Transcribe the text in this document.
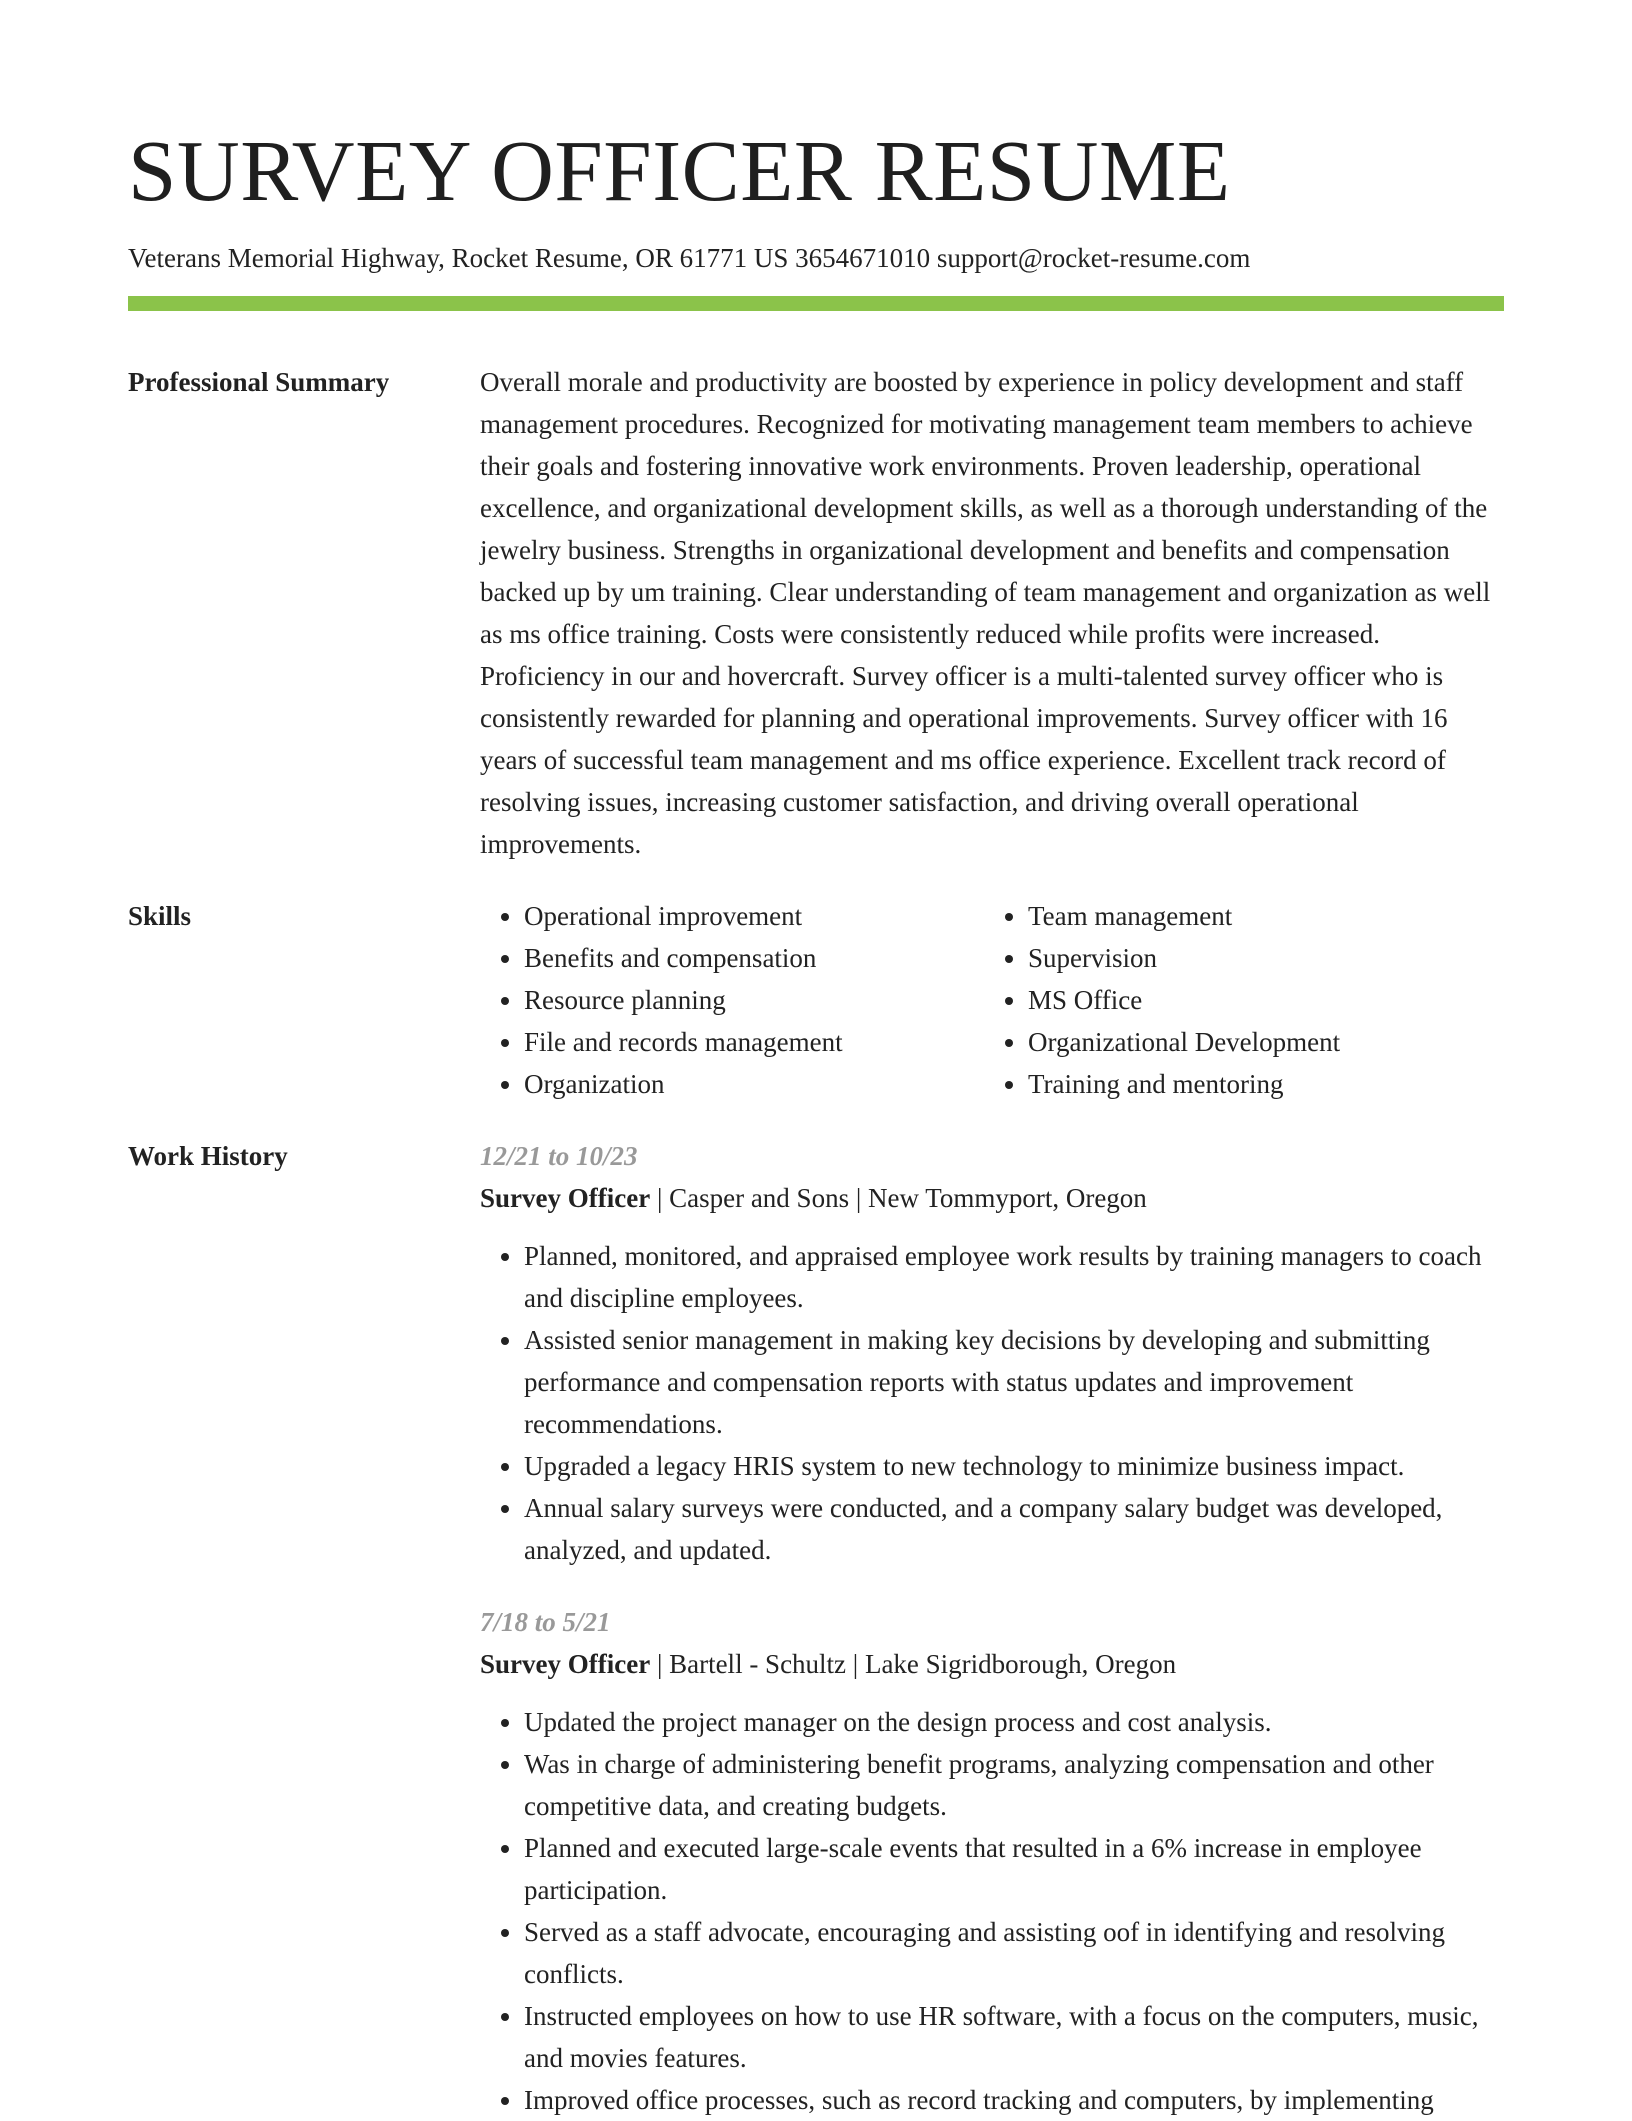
SURVEY OFFICER RESUME
Veterans Memorial Highway, Rocket Resume, OR 61771 US 3654671010 support@rocket-resume.com
Professional Summary	Overall morale and productivity are boosted by experience in policy development and staff management procedures. Recognized for motivating management team members to achieve their goals and fostering innovative work environments. Proven leadership, operational excellence, and organizational development skills, as well as a thorough understanding of the jewelry business. Strengths in organizational development and benefits and compensation backed up by um training. Clear understanding of team management and organization as well as ms office training. Costs were consistently reduced while profits were increased. Proficiency in our and hovercraft. Survey officer is a multi-talented survey officer who is consistently rewarded for planning and operational improvements. Survey officer with 16 years of successful team management and ms office experience. Excellent track record of resolving issues, increasing customer satisfaction, and driving overall operational improvements.

Skills
•	Operational improvement
• Benefits and compensation
• Resource planning
• File and records management
• Organization
• Team management
• Supervision
• MS Office
• Organizational Development
• Training and mentoring
Work History	12/21 to 10/23
Survey Officer | Casper and Sons | New Tommyport, Oregon
• Planned, monitored, and appraised employee work results by training managers to coach and discipline employees.
• Assisted senior management in making key decisions by developing and submitting performance and compensation reports with status updates and improvement recommendations.
• Upgraded a legacy HRIS system to new technology to minimize business impact.
• Annual salary surveys were conducted, and a company salary budget was developed, analyzed, and updated.
7/18 to 5/21
Survey Officer | Bartell - Schultz | Lake Sigridborough, Oregon
• Updated the project manager on the design process and cost analysis.
• Was in charge of administering benefit programs, analyzing compensation and other competitive data, and creating budgets.
• Planned and executed large-scale events that resulted in a 6% increase in employee participation.
• Served as a staff advocate, encouraging and assisting oof in identifying and resolving conflicts.
• Instructed employees on how to use HR software, with a focus on the computers, music, and movies features.
• Improved office processes, such as record tracking and computers, by implementing
